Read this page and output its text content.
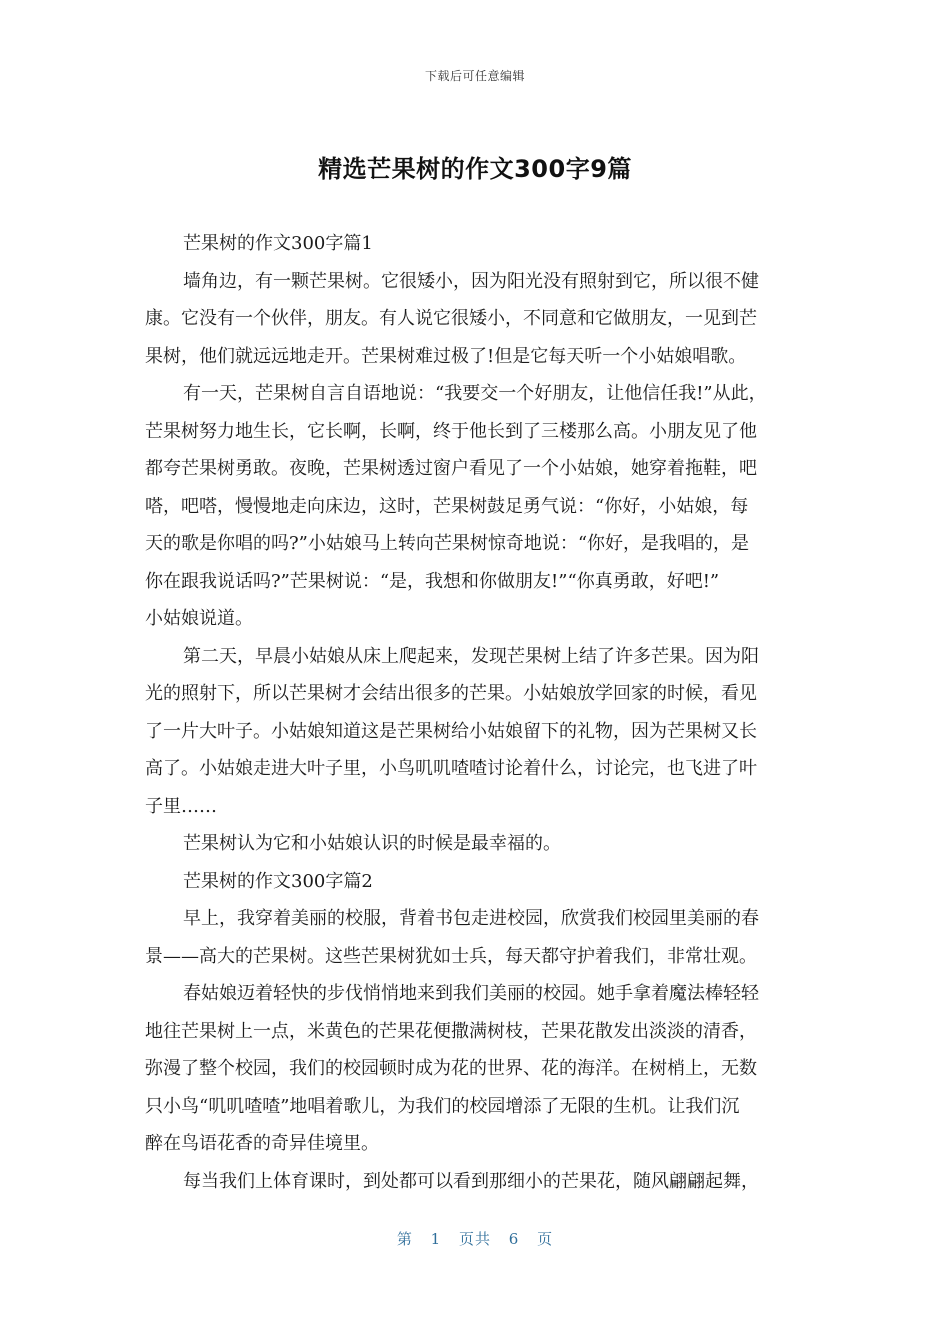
下载后可任意编辑
精选芒果树的作文300字9篇
芒果树的作文300字篇1
墙角边，有一颗芒果树。它很矮小，因为阳光没有照射到它，所以很不健
康。它没有一个伙伴，朋友。有人说它很矮小，不同意和它做朋友，一见到芒
果树，他们就远远地走开。芒果树难过极了!但是它每天听一个小姑娘唱歌。
有一天，芒果树自言自语地说：“我要交一个好朋友，让他信任我!”从此，
芒果树努力地生长，它长啊，长啊，终于他长到了三楼那么高。小朋友见了他
都夸芒果树勇敢。夜晚，芒果树透过窗户看见了一个小姑娘，她穿着拖鞋，吧
嗒，吧嗒，慢慢地走向床边，这时，芒果树鼓足勇气说：“你好，小姑娘，每
天的歌是你唱的吗?”小姑娘马上转向芒果树惊奇地说：“你好，是我唱的，是
你在跟我说话吗?”芒果树说：“是，我想和你做朋友!”“你真勇敢，好吧!”
小姑娘说道。
第二天，早晨小姑娘从床上爬起来，发现芒果树上结了许多芒果。因为阳
光的照射下，所以芒果树才会结出很多的芒果。小姑娘放学回家的时候，看见
了一片大叶子。小姑娘知道这是芒果树给小姑娘留下的礼物，因为芒果树又长
高了。小姑娘走进大叶子里，小鸟叽叽喳喳讨论着什么，讨论完，也飞进了叶
子里……
芒果树认为它和小姑娘认识的时候是最幸福的。
芒果树的作文300字篇2
早上，我穿着美丽的校服，背着书包走进校园，欣赏我们校园里美丽的春
景——高大的芒果树。这些芒果树犹如士兵，每天都守护着我们，非常壮观。
春姑娘迈着轻快的步伐悄悄地来到我们美丽的校园。她手拿着魔法棒轻轻
地往芒果树上一点，米黄色的芒果花便撒满树枝，芒果花散发出淡淡的清香，
弥漫了整个校园，我们的校园顿时成为花的世界、花的海洋。在树梢上，无数
只小鸟“叽叽喳喳”地唱着歌儿，为我们的校园增添了无限的生机。让我们沉
醉在鸟语花香的奇异佳境里。
每当我们上体育课时，到处都可以看到那细小的芒果花，随风翩翩起舞，
第 1 页共 6 页
